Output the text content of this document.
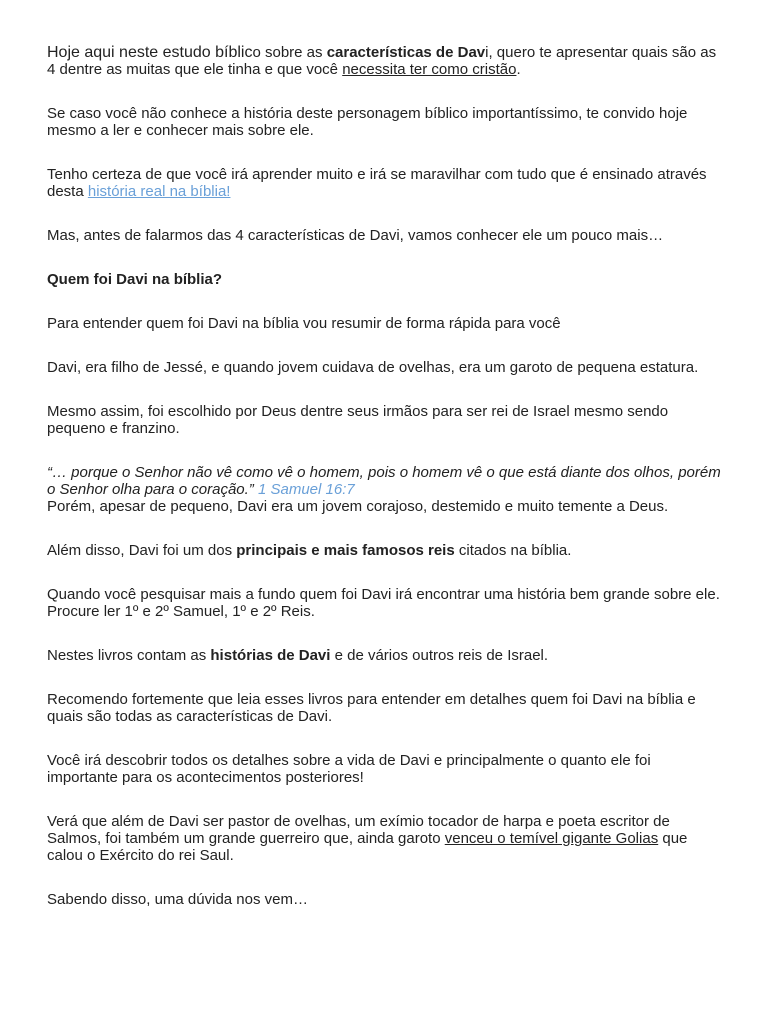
Hoje aqui neste estudo bíblico sobre as características de Davi, quero te apresentar quais são as 4 dentre as muitas que ele tinha e que você necessita ter como cristão.

Se caso você não conhece a história deste personagem bíblico importantíssimo, te convido hoje mesmo a ler e conhecer mais sobre ele.

Tenho certeza de que você irá aprender muito e irá se maravilhar com tudo que é ensinado através desta história real na bíblia!

Mas, antes de falarmos das 4 características de Davi, vamos conhecer ele um pouco mais…

Quem foi Davi na bíblia?

Para entender quem foi Davi na bíblia vou resumir de forma rápida para você

Davi, era filho de Jessé, e quando jovem cuidava de ovelhas, era um garoto de pequena estatura.

Mesmo assim, foi escolhido por Deus dentre seus irmãos para ser rei de Israel mesmo sendo pequeno e franzino.

“… porque o Senhor não vê como vê o homem, pois o homem vê o que está diante dos olhos, porém o Senhor olha para o coração.” 1 Samuel 16:7

Porém, apesar de pequeno, Davi era um jovem corajoso, destemido e muito temente a Deus.

Além disso, Davi foi um dos principais e mais famosos reis citados na bíblia.

Quando você pesquisar mais a fundo quem foi Davi irá encontrar uma história bem grande sobre ele. Procure ler 1º e 2º Samuel, 1º e 2º Reis.

Nestes livros contam as histórias de Davi e de vários outros reis de Israel.

Recomendo fortemente que leia esses livros para entender em detalhes quem foi Davi na bíblia e quais são todas as características de Davi.

Você irá descobrir todos os detalhes sobre a vida de Davi e principalmente o quanto ele foi importante para os acontecimentos posteriores!

Verá que além de Davi ser pastor de ovelhas, um exímio tocador de harpa e poeta escritor de Salmos, foi também um grande guerreiro que, ainda garoto venceu o temível gigante Golias que calou o Exército do rei Saul.

Sabendo disso, uma dúvida nos vem…
